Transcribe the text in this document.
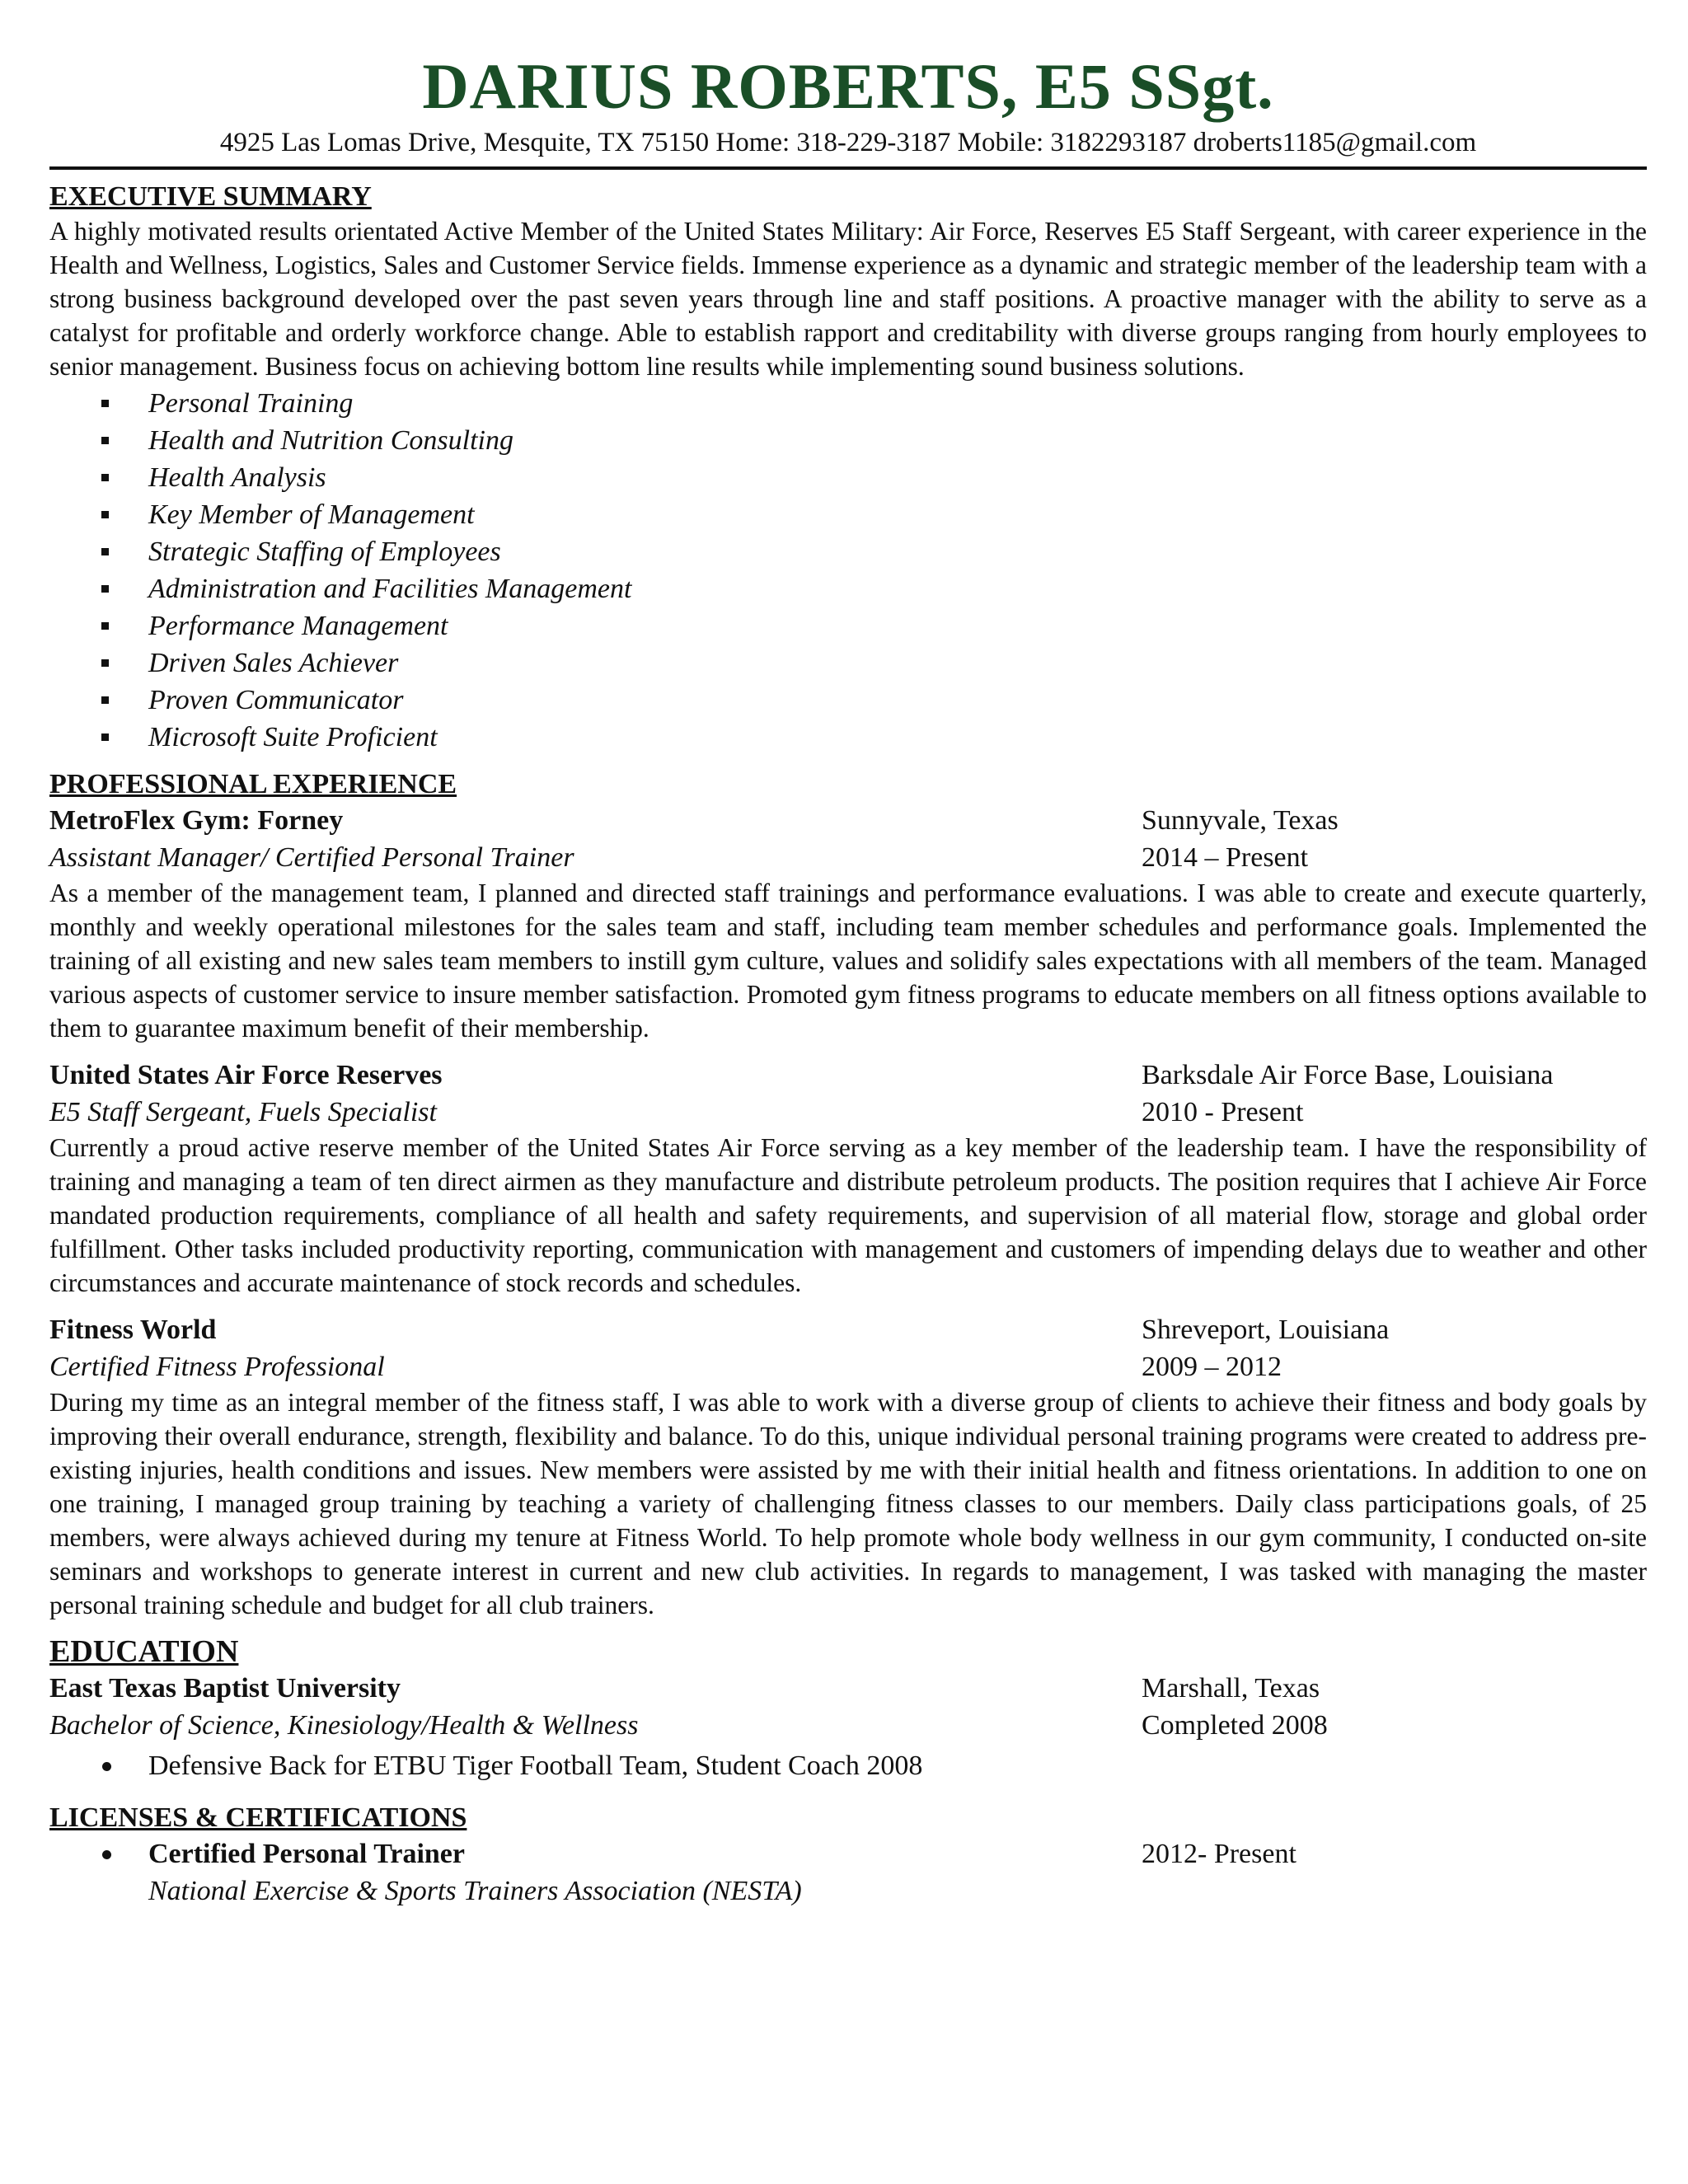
DARIUS ROBERTS, E5 SSgt.
4925 Las Lomas Drive, Mesquite, TX 75150 Home: 318-229-3187 Mobile: 3182293187 droberts1185@gmail.com
EXECUTIVE SUMMARY
A highly motivated results orientated Active Member of the United States Military: Air Force, Reserves E5 Staff Sergeant, with career experience in the Health and Wellness, Logistics, Sales and Customer Service fields. Immense experience as a dynamic and strategic member of the leadership team with a strong business background developed over the past seven years through line and staff positions. A proactive manager with the ability to serve as a catalyst for profitable and orderly workforce change. Able to establish rapport and creditability with diverse groups ranging from hourly employees to senior management. Business focus on achieving bottom line results while implementing sound business solutions.
Personal Training
Health and Nutrition Consulting
Health Analysis
Key Member of Management
Strategic Staffing of Employees
Administration and Facilities Management
Performance Management
Driven Sales Achiever
Proven Communicator
Microsoft Suite Proficient
PROFESSIONAL EXPERIENCE
MetroFlex Gym: Forney	Sunnyvale, Texas
Assistant Manager/ Certified Personal Trainer	2014 – Present
As a member of the management team, I planned and directed staff trainings and performance evaluations. I was able to create and execute quarterly, monthly and weekly operational milestones for the sales team and staff, including team member schedules and performance goals. Implemented the training of all existing and new sales team members to instill gym culture, values and solidify sales expectations with all members of the team. Managed various aspects of customer service to insure member satisfaction. Promoted gym fitness programs to educate members on all fitness options available to them to guarantee maximum benefit of their membership.
United States Air Force Reserves	Barksdale Air Force Base, Louisiana
E5 Staff Sergeant, Fuels Specialist	2010 - Present
Currently a proud active reserve member of the United States Air Force serving as a key member of the leadership team. I have the responsibility of training and managing a team of ten direct airmen as they manufacture and distribute petroleum products. The position requires that I achieve Air Force mandated production requirements, compliance of all health and safety requirements, and supervision of all material flow, storage and global order fulfillment. Other tasks included productivity reporting, communication with management and customers of impending delays due to weather and other circumstances and accurate maintenance of stock records and schedules.
Fitness World	Shreveport, Louisiana
Certified Fitness Professional	2009 – 2012
During my time as an integral member of the fitness staff, I was able to work with a diverse group of clients to achieve their fitness and body goals by improving their overall endurance, strength, flexibility and balance. To do this, unique individual personal training programs were created to address pre-existing injuries, health conditions and issues. New members were assisted by me with their initial health and fitness orientations. In addition to one on one training, I managed group training by teaching a variety of challenging fitness classes to our members. Daily class participations goals, of 25 members, were always achieved during my tenure at Fitness World. To help promote whole body wellness in our gym community, I conducted on-site seminars and workshops to generate interest in current and new club activities. In regards to management, I was tasked with managing the master personal training schedule and budget for all club trainers.
EDUCATION
East Texas Baptist University	Marshall, Texas
Bachelor of Science, Kinesiology/Health & Wellness	Completed 2008
Defensive Back for ETBU Tiger Football Team, Student Coach 2008
LICENSES & CERTIFICATIONS
Certified Personal Trainer	2012- Present
National Exercise & Sports Trainers Association (NESTA)
